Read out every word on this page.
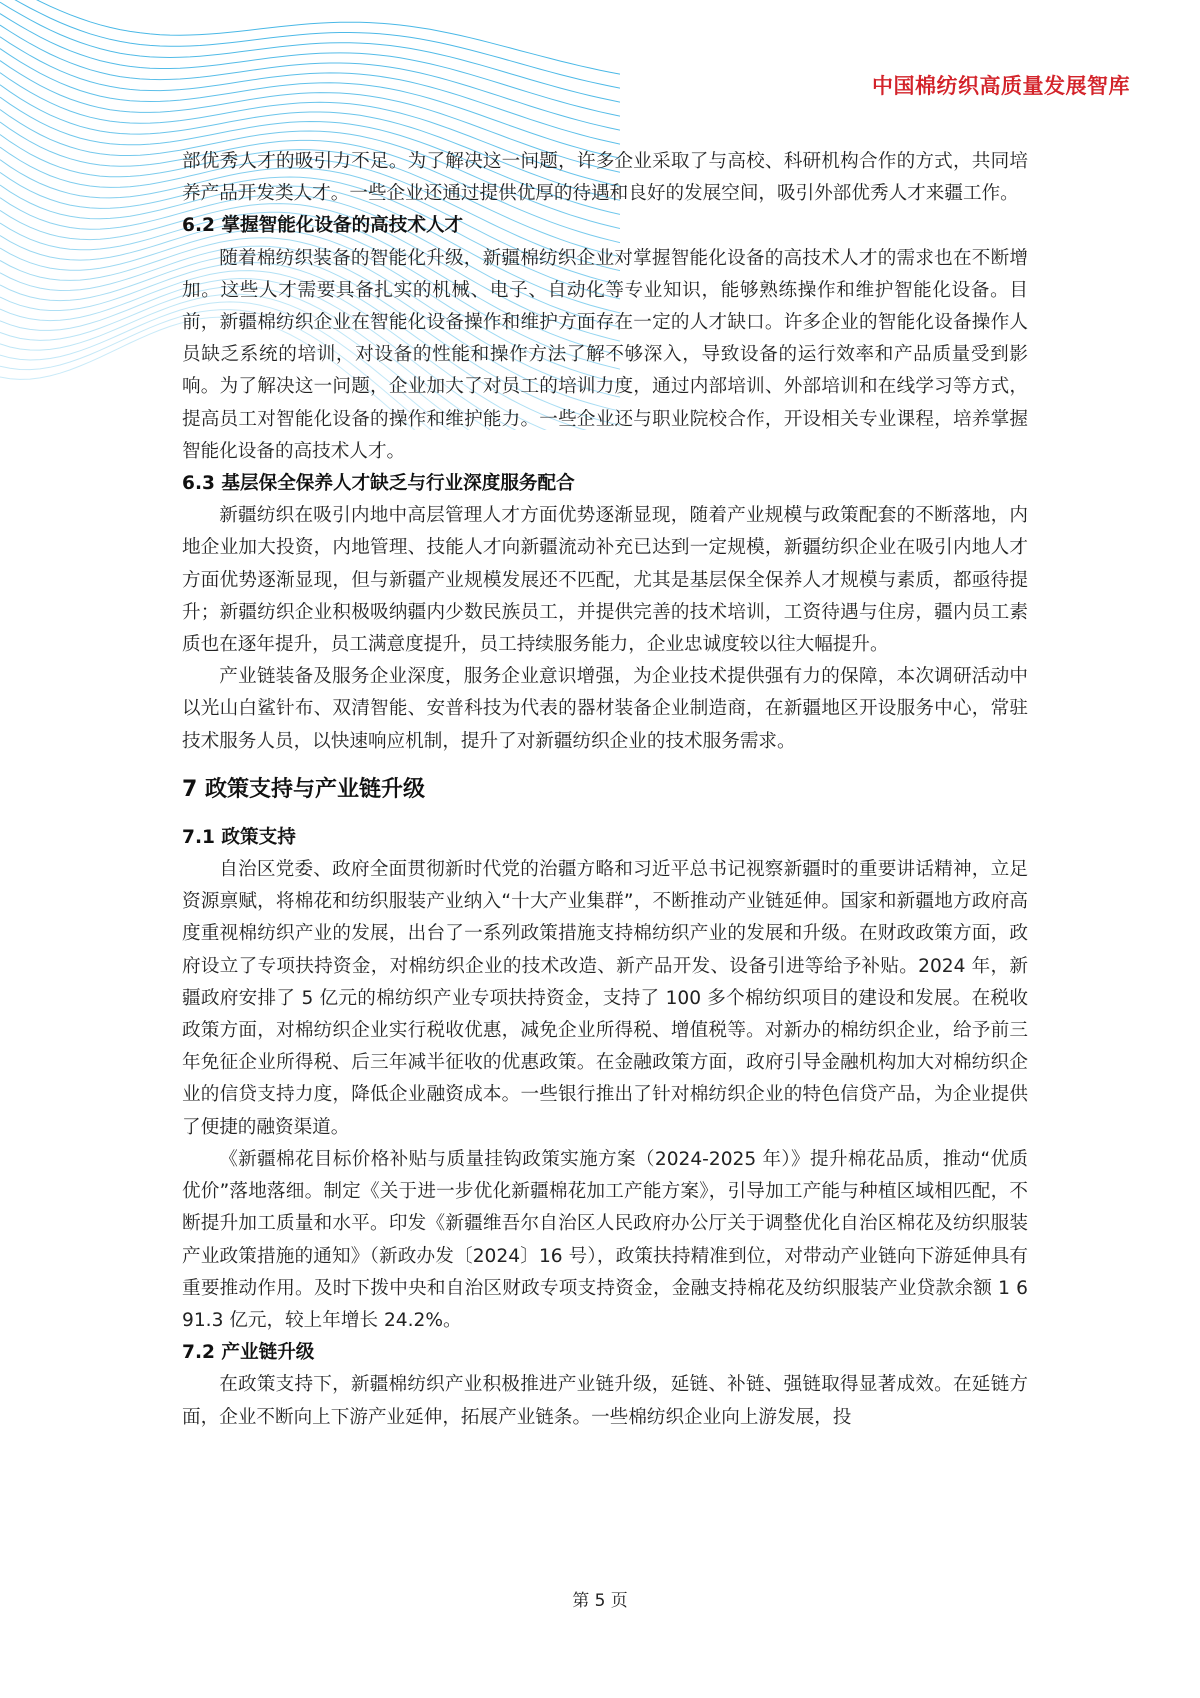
中国棉纺织高质量发展智库

部优秀人才的吸引力不足。为了解决这一问题，许多企业采取了与高校、科研机构合作的方式，共同培养产品开发类人才。一些企业还通过提供优厚的待遇和良好的发展空间，吸引外部优秀人才来疆工作。

6.2 掌握智能化设备的高技术人才

随着棉纺织装备的智能化升级，新疆棉纺织企业对掌握智能化设备的高技术人才的需求也在不断增加。这些人才需要具备扎实的机械、电子、自动化等专业知识，能够熟练操作和维护智能化设备。目前，新疆棉纺织企业在智能化设备操作和维护方面存在一定的人才缺口。许多企业的智能化设备操作人员缺乏系统的培训，对设备的性能和操作方法了解不够深入，导致设备的运行效率和产品质量受到影响。为了解决这一问题，企业加大了对员工的培训力度，通过内部培训、外部培训和在线学习等方式，提高员工对智能化设备的操作和维护能力。一些企业还与职业院校合作，开设相关专业课程，培养掌握智能化设备的高技术人才。

6.3 基层保全保养人才缺乏与行业深度服务配合

新疆纺织在吸引内地中高层管理人才方面优势逐渐显现，随着产业规模与政策配套的不断落地，内地企业加大投资，内地管理、技能人才向新疆流动补充已达到一定规模，新疆纺织企业在吸引内地人才方面优势逐渐显现，但与新疆产业规模发展还不匹配，尤其是基层保全保养人才规模与素质，都亟待提升；新疆纺织企业积极吸纳疆内少数民族员工，并提供完善的技术培训，工资待遇与住房，疆内员工素质也在逐年提升，员工满意度提升，员工持续服务能力，企业忠诚度较以往大幅提升。

产业链装备及服务企业深度，服务企业意识增强，为企业技术提供强有力的保障，本次调研活动中以光山白鲨针布、双清智能、安普科技为代表的器材装备企业制造商，在新疆地区开设服务中心，常驻技术服务人员，以快速响应机制，提升了对新疆纺织企业的技术服务需求。

7 政策支持与产业链升级
7.1 政策支持

自治区党委、政府全面贯彻新时代党的治疆方略和习近平总书记视察新疆时的重要讲话精神，立足资源禀赋，将棉花和纺织服装产业纳入“十大产业集群”，不断推动产业链延伸。国家和新疆地方政府高度重视棉纺织产业的发展，出台了一系列政策措施支持棉纺织产业的发展和升级。在财政政策方面，政府设立了专项扶持资金，对棉纺织企业的技术改造、新产品开发、设备引进等给予补贴。2024 年，新疆政府安排了 5 亿元的棉纺织产业专项扶持资金，支持了 100 多个棉纺织项目的建设和发展。在税收政策方面，对棉纺织企业实行税收优惠，减免企业所得税、增值税等。对新办的棉纺织企业，给予前三年免征企业所得税、后三年减半征收的优惠政策。在金融政策方面，政府引导金融机构加大对棉纺织企业的信贷支持力度，降低企业融资成本。一些银行推出了针对棉纺织企业的特色信贷产品，为企业提供了便捷的融资渠道。

《新疆棉花目标价格补贴与质量挂钩政策实施方案（2024-2025 年）》提升棉花品质，推动“优质优价”落地落细。制定《关于进一步优化新疆棉花加工产能方案》，引导加工产能与种植区域相匹配，不断提升加工质量和水平。印发《新疆维吾尔自治区人民政府办公厅关于调整优化自治区棉花及纺织服装产业政策措施的通知》（新政办发〔2024〕16 号），政策扶持精准到位，对带动产业链向下游延伸具有重要推动作用。及时下拨中央和自治区财政专项支持资金，金融支持棉花及纺织服装产业贷款余额 1 691.3 亿元，较上年增长 24.2%。

7.2 产业链升级

在政策支持下，新疆棉纺织产业积极推进产业链升级，延链、补链、强链取得显著成效。在延链方面，企业不断向上下游产业延伸，拓展产业链条。一些棉纺织企业向上游发展，投

第 5 页
